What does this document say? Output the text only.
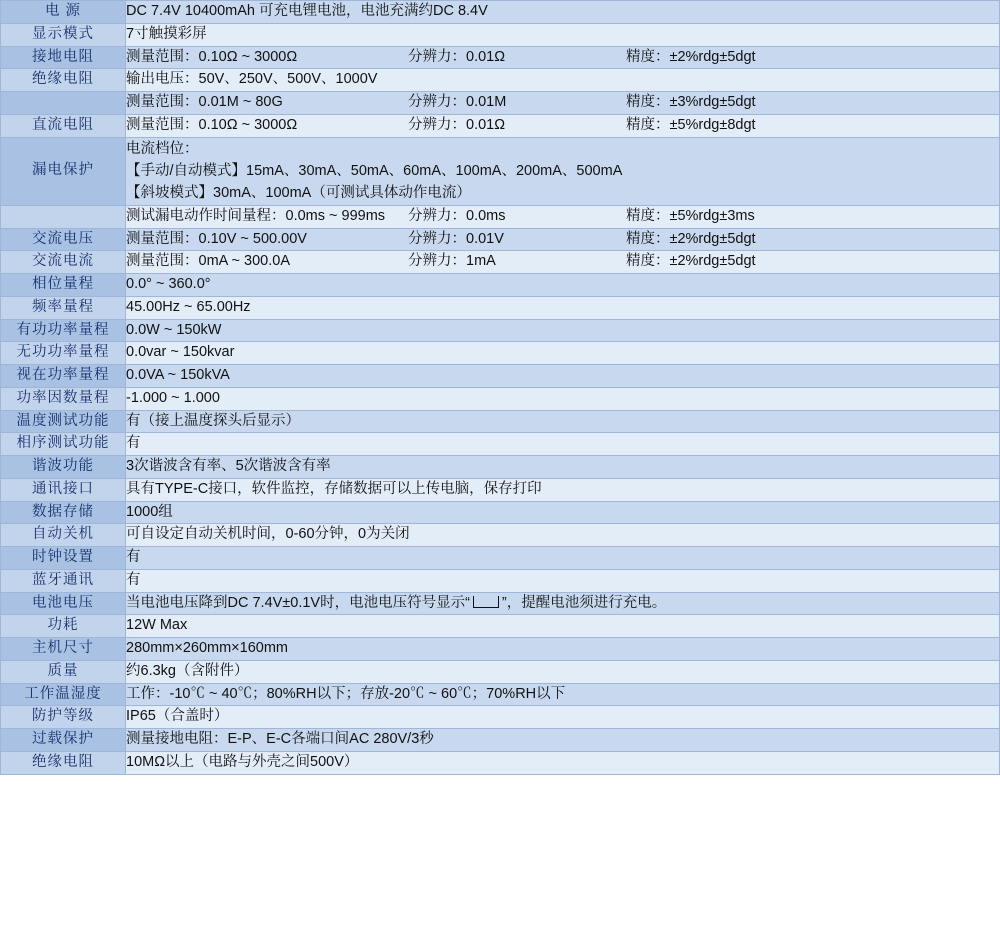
电 源	DC 7.4V 10400mAh 可充电锂电池，电池充满约DC 8.4V
显示模式	7寸触摸彩屏
接地电阻	测量范围：0.10Ω ~ 3000Ω 分辨力：0.01Ω 精度：±2%rdg±5dgt

绝缘电阻	输出电压：50V、250V、500V、1000V

	测量范围：0.01M ~ 80G 分辨力：0.01M 精度：±3%rdg±5dgt

直流电阻	测量范围：0.10Ω ~ 3000Ω 分辨力：0.01Ω 精度：±5%rdg±8dgt

漏电保护	电流档位：
【手动/自动模式】15mA、30mA、50mA、60mA、100mA、200mA、500mA
【斜坡模式】30mA、100mA（可测试具体动作电流）

	测试漏电动作时间量程：0.0ms ~ 999ms 分辨力：0.0ms 精度：±5%rdg±3ms

交流电压	测量范围：0.10V ~ 500.00V 分辨力：0.01V 精度：±2%rdg±5dgt

交流电流	测量范围：0mA ~ 300.0A 分辨力：1mA 精度：±2%rdg±5dgt

相位量程	0.0° ~ 360.0°
频率量程	45.00Hz ~ 65.00Hz
有功功率量程	0.0W ~ 150kW
无功功率量程	0.0var ~ 150kvar
视在功率量程	0.0VA ~ 150kVA
功率因数量程	-1.000 ~ 1.000
温度测试功能	有（接上温度探头后显示）
相序测试功能	有
谐波功能	3次谐波含有率、5次谐波含有率
通讯接口	具有TYPE-C接口，软件监控，存储数据可以上传电脑，保存打印
数据存储	1000组
自动关机	可自设定自动关机时间，0-60分钟，0为关闭
时钟设置	有
蓝牙通讯	有
电池电压	当电池电压降到DC 7.4V±0.1V时，电池电压符号显示“ ”，提醒电池须进行充电。
功耗	12W Max
主机尺寸	280mm×260mm×160mm
质量	约6.3kg（含附件）
工作温湿度	工作：-10℃ ~ 40℃；80%RH以下；存放-20℃ ~ 60℃；70%RH以下
防护等级	IP65（合盖时）
过载保护	测量接地电阻：E-P、E-C各端口间AC 280V/3秒
绝缘电阻	10MΩ以上（电路与外壳之间500V）
